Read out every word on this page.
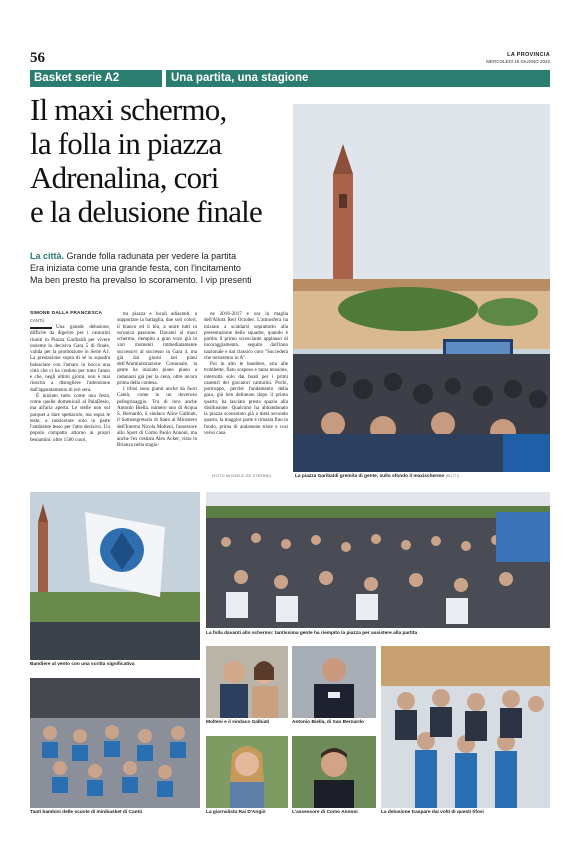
56	LA PROVINCIA
MERCOLEDÌ 15 GIUGNO 2022
Basket serie A2	Una partita, una stagione
Il maxi schermo,
la folla in piazza
Adrenalina, cori
e la delusione finale
La città. Grande folla radunata per vedere la partita
Era iniziata come una grande festa, con l'incitamento
Ma ben presto ha prevalso lo scoramento. I vip presenti
SIMONE DALLA FRANCESCA
CANTÙ

Una grande delusione, difficile da digerire per i canturini riuniti in Piazza Garibaldi per vivere insieme la decisiva Gara 5 di finale, valida per la promozione in Serie A1. La prestazione sopra di sé la squadra balsaciato con l'amaro in bocca una città che ci ha creduto per tutto l'anno e che, negli ultimi giorni, non è mai riuscita a distogliere l'attenzione dall'appuntamento di ieri sera.

È iniziato tutto come una festa, come quelle domenicali al PalaDesio, ma all'aria aperta. Le stelle non sul parquet a dare spettacolo, ma sopra le teste, a rassicerare solo in parte l'ambiente tesso per l'atto decisivo. Un popolo compatto attorno ai propri beniamini: oltre 1500 cuori,

tra piazza e locali adiacenti, a supportare la battaglia, due soli colori, il bianco ed il blu, a unire tutti in un'unica passione. Davanti al maxi schermo, riempito a gran voce già in vari momenti immediatamente successivi al successo in Gara 4, ma già dai giorni nei piani dell'Amministrazione Comunale, la gente ha iniziato piano piano a radunarsi già per la cena, oltre un'ora prima della contesa.

I tifosi sono giunti anche da fuori Cantù, come in un doveroso pellegrinaggio. Tra di loro anche Antonio Biella, numero uno di Acqua S. Bernardo, il sindaco Alice Galbiati, il Sottosegretario di Stato al Ministero dell'Interno Nicola Molteni, l'assessore allo Sport di Como Paolo Annoni, ma anche l'ex cestista Alex Acker, visto in Brianza nella stagio-

ne 2016-2017 e ora in maglia dell'Allora Red October. L'atmosfera ha iniziato a scaldarsi soprattutto alla presentazione delle squadre, quando è partito il primo scrosciante applauso di incoraggiamento, seguito dall'inno nazionale e dal classico coro "Succederà che torneremo in A".

Poi in alto le bandiere, aria alle trombette, fiato sospeso e tanta tensione, interrotta solo dai boati per i primi canestri dei giocatori canturini. Pochi, purtroppo, perché l'andamento della gara, già ben delineato dopo il primo quarto, ha lasciato presto spazio alla disillusione. Qualcuno ha abbandonato la piazza sconsolato già a metà secondo quarto, la maggior parte è rimasta fino in fondo, prima di andarsene triste e così verso casa.

(FOTO MICHELE DE STEFANI)	La piazza Garibaldi gremita di gente, sullo sfondo il maxischermo (BUTTI)
Bandiere al vento con una scritta significativa
La folla davanti allo schermo: tantissima gente ha riempito la piazza per assistere alla partita
Tanti bambini delle scuole di minibasket di Cantù
Molteni e il sindaco Galbiati	Antonio Biella, di San Bernardo
La giornalista Rai D'Angiò	L'assessore di Como Annoni	La delusione traspare dai volti di questi tifosi
